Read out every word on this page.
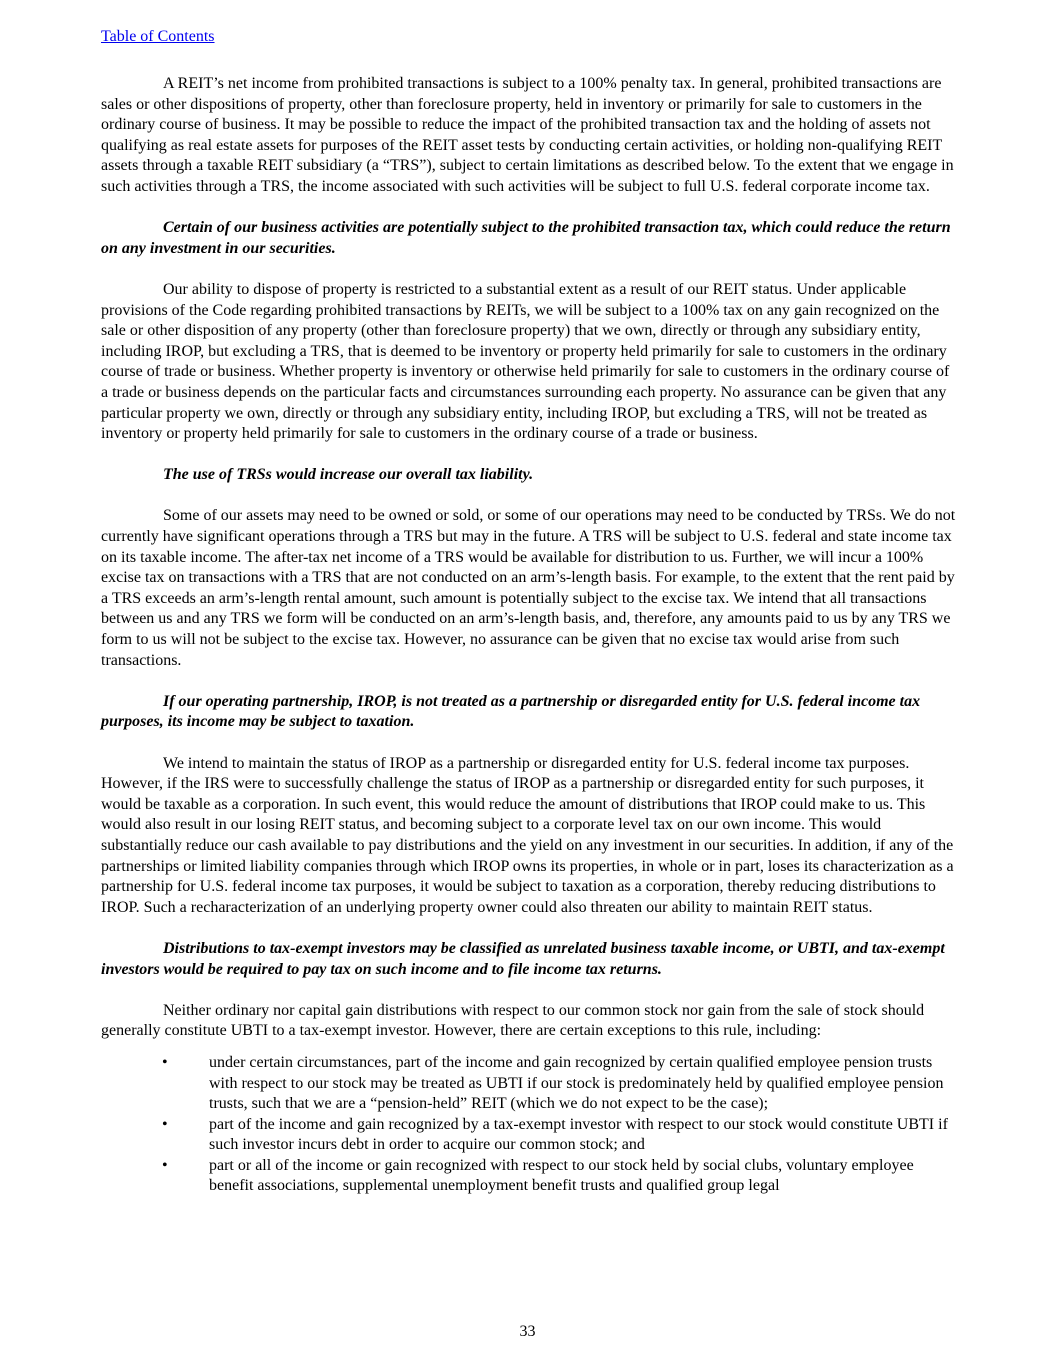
Table of Contents

A REIT’s net income from prohibited transactions is subject to a 100% penalty tax. In general, prohibited transactions are sales or other dispositions of property, other than foreclosure property, held in inventory or primarily for sale to customers in the ordinary course of business. It may be possible to reduce the impact of the prohibited transaction tax and the holding of assets not qualifying as real estate assets for purposes of the REIT asset tests by conducting certain activities, or holding non-qualifying REIT assets through a taxable REIT subsidiary (a “TRS”), subject to certain limitations as described below. To the extent that we engage in such activities through a TRS, the income associated with such activities will be subject to full U.S. federal corporate income tax.

Certain of our business activities are potentially subject to the prohibited transaction tax, which could reduce the return on any investment in our securities.

Our ability to dispose of property is restricted to a substantial extent as a result of our REIT status. Under applicable provisions of the Code regarding prohibited transactions by REITs, we will be subject to a 100% tax on any gain recognized on the sale or other disposition of any property (other than foreclosure property) that we own, directly or through any subsidiary entity, including IROP, but excluding a TRS, that is deemed to be inventory or property held primarily for sale to customers in the ordinary course of trade or business. Whether property is inventory or otherwise held primarily for sale to customers in the ordinary course of a trade or business depends on the particular facts and circumstances surrounding each property. No assurance can be given that any particular property we own, directly or through any subsidiary entity, including IROP, but excluding a TRS, will not be treated as inventory or property held primarily for sale to customers in the ordinary course of a trade or business.

The use of TRSs would increase our overall tax liability.

Some of our assets may need to be owned or sold, or some of our operations may need to be conducted by TRSs. We do not currently have significant operations through a TRS but may in the future. A TRS will be subject to U.S. federal and state income tax on its taxable income. The after-tax net income of a TRS would be available for distribution to us. Further, we will incur a 100% excise tax on transactions with a TRS that are not conducted on an arm’s-length basis. For example, to the extent that the rent paid by a TRS exceeds an arm’s-length rental amount, such amount is potentially subject to the excise tax. We intend that all transactions between us and any TRS we form will be conducted on an arm’s-length basis, and, therefore, any amounts paid to us by any TRS we form to us will not be subject to the excise tax. However, no assurance can be given that no excise tax would arise from such transactions.

If our operating partnership, IROP, is not treated as a partnership or disregarded entity for U.S. federal income tax purposes, its income may be subject to taxation.

We intend to maintain the status of IROP as a partnership or disregarded entity for U.S. federal income tax purposes. However, if the IRS were to successfully challenge the status of IROP as a partnership or disregarded entity for such purposes, it would be taxable as a corporation. In such event, this would reduce the amount of distributions that IROP could make to us. This would also result in our losing REIT status, and becoming subject to a corporate level tax on our own income. This would substantially reduce our cash available to pay distributions and the yield on any investment in our securities. In addition, if any of the partnerships or limited liability companies through which IROP owns its properties, in whole or in part, loses its characterization as a partnership for U.S. federal income tax purposes, it would be subject to taxation as a corporation, thereby reducing distributions to IROP. Such a recharacterization of an underlying property owner could also threaten our ability to maintain REIT status.

Distributions to tax-exempt investors may be classified as unrelated business taxable income, or UBTI, and tax-exempt investors would be required to pay tax on such income and to file income tax returns.

Neither ordinary nor capital gain distributions with respect to our common stock nor gain from the sale of stock should generally constitute UBTI to a tax-exempt investor. However, there are certain exceptions to this rule, including:

•	under certain circumstances, part of the income and gain recognized by certain qualified employee pension trusts with respect to our stock may be treated as UBTI if our stock is predominately held by qualified employee pension trusts, such that we are a “pension-held” REIT (which we do not expect to be the case);
•	part of the income and gain recognized by a tax-exempt investor with respect to our stock would constitute UBTI if such investor incurs debt in order to acquire our common stock; and
•	part or all of the income or gain recognized with respect to our stock held by social clubs, voluntary employee benefit associations, supplemental unemployment benefit trusts and qualified group legal
33
